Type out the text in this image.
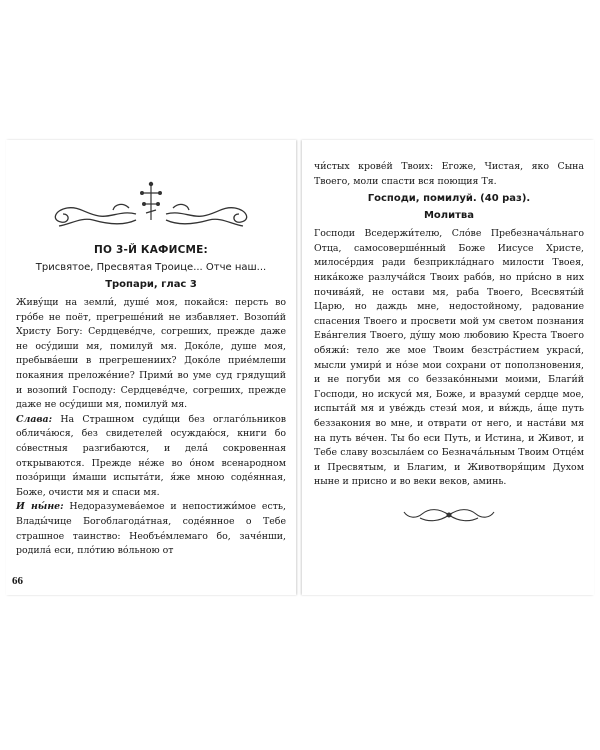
ПО 3-Й КАФИСМЕ:
Трисвятое, Пресвятая Троице... Отче наш...
Тропари, глас 3

Живу́щи на земли́, душе́ моя, покайся: персть во гро́бе не поёт, прегреше́ний не избавляет. Возопи́й Христу Богу: Сердцеве́дче, согреших, прежде даже не осу́диши мя, помилуй мя. Доко́ле, душе моя, пребыва́еши в прегрешениих? Доко́ле прие́млеши покаяния преложе́ние? Прими́ во уме суд грядущий и возопий Господу: Сердцеве́дче, согреших, прежде даже не осу́диши мя, помилуй мя.

Слава: На Страшном суди́щи без оглаго́льников облича́юся, без свидетелей осуждаю́ся, книги бо со́вестныя разгибаются, и дела́ сокровенная открываются. Прежде не́же во о́ном всенародном позо́рищи и́маши испыта́ти, я́же мною соде́янная, Боже, очисти мя и спаси мя.

И ны́не: Недоразумева́емое и непостижи́мое есть, Влады́чице Богоблагода́тная, соде́янное о Тебе страшное таинство: Необъе́млемаго бо, заче́нши, родила́ еси, пло́тию во́льною от

66

чи́стых крове́й Твоих: Егоже, Чистая, яко Сына Твоего, моли спасти вся поющия Тя.

Господи, помилуй. (40 раз).
Молитва

Господи Вседержи́телю, Сло́ве Пребезнача́льнаго Отца, самосоверше́нный Боже Иисусе Христе, милосе́рдия ради безприкла́днаго милости Твоея, ника́коже разлуча́йся Твоих рабо́в, но при́сно в них почива́яй, не остави мя, раба Твоего, Всесвяты́й Царю, но даждь мне, недостойному, радование спасения Твоего и просвети мой ум светом познания Ева́нгелия Твоего, ду́шу мою любовию Креста Твоего обяжи́: тело же мое Твоим безстра́стием украси́, мысли умири́ и но́зе мои сохрани от поползновения, и не погуби мя со беззако́нными моими, Благи́й Господи, но искуси́ мя, Боже, и вразуми́ сердце мое, испыта́й мя и уве́ждь стези́ моя, и ви́ждь, а́ще путь беззакония во мне, и отврати от него, и наста́ви мя на путь ве́чен. Ты бо еси Путь, и Истина, и Живот, и Тебе славу возсыла́ем со Безнача́льным Твоим Отце́м и Пресвятым, и Благим, и Животворя́щим Духом ныне и присно и во веки веков, аминь.
